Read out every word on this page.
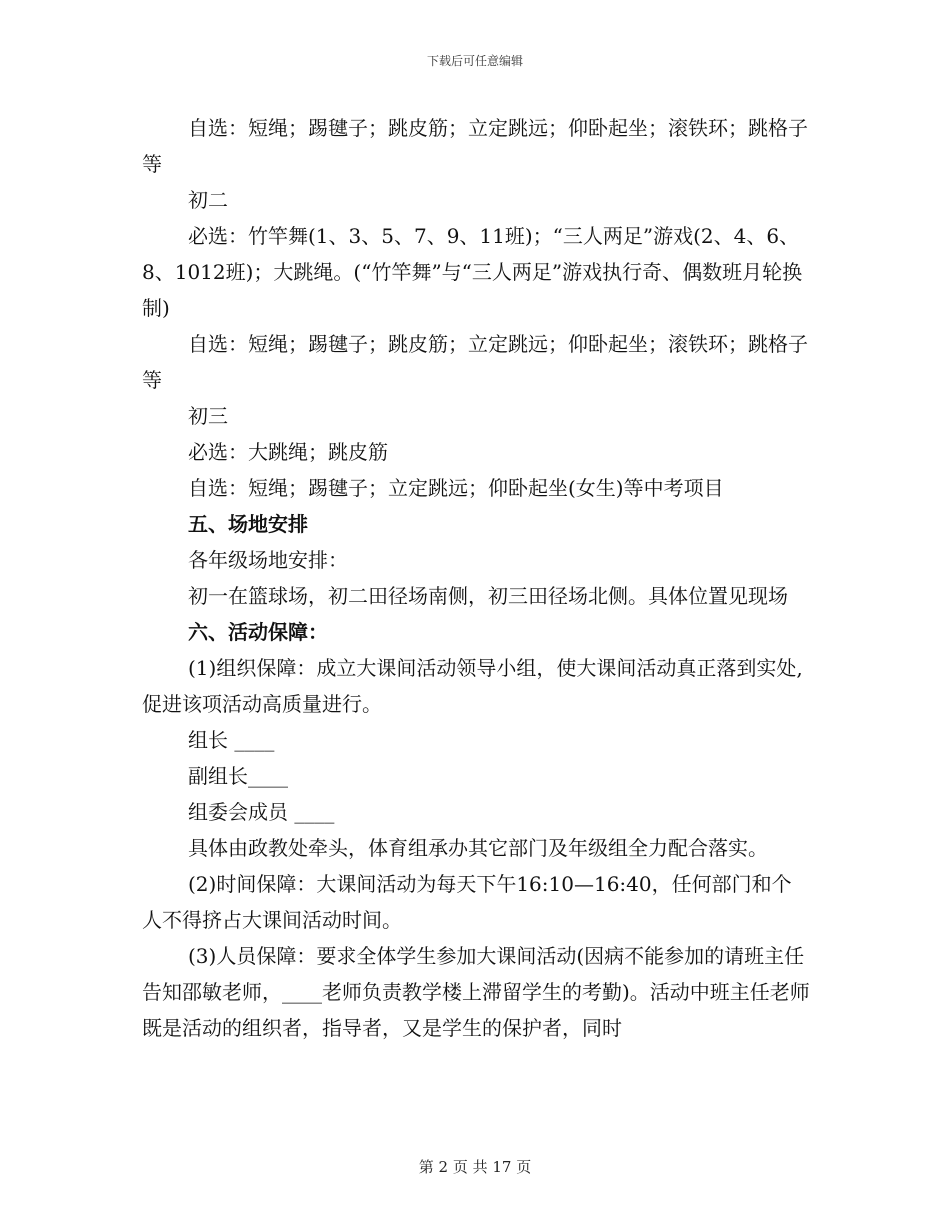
下载后可任意编辑

自选：短绳；踢毽子；跳皮筋；立定跳远；仰卧起坐；滚铁环；跳格子等

初二

必选：竹竿舞(1、3、5、7、9、11班)；“三人两足”游戏(2、4、6、8、1012班)；大跳绳。(“竹竿舞”与“三人两足”游戏执行奇、偶数班月轮换制)

自选：短绳；踢毽子；跳皮筋；立定跳远；仰卧起坐；滚铁环；跳格子等

初三

必选：大跳绳；跳皮筋

自选：短绳；踢毽子；立定跳远；仰卧起坐(女生)等中考项目

五、场地安排

各年级场地安排：

初一在篮球场，初二田径场南侧，初三田径场北侧。具体位置见现场

六、活动保障：

(1)组织保障：成立大课间活动领导小组，使大课间活动真正落到实处,促进该项活动高质量进行。

组长 ____

副组长____

组委会成员 ____

具体由政教处牵头，体育组承办其它部门及年级组全力配合落实。

(2)时间保障：大课间活动为每天下午16:10—16:40，任何部门和个人不得挤占大课间活动时间。

(3)人员保障：要求全体学生参加大课间活动(因病不能参加的请班主任告知邵敏老师，____老师负责教学楼上滞留学生的考勤)。活动中班主任老师既是活动的组织者，指导者，又是学生的保护者，同时

第 2 页 共 17 页
